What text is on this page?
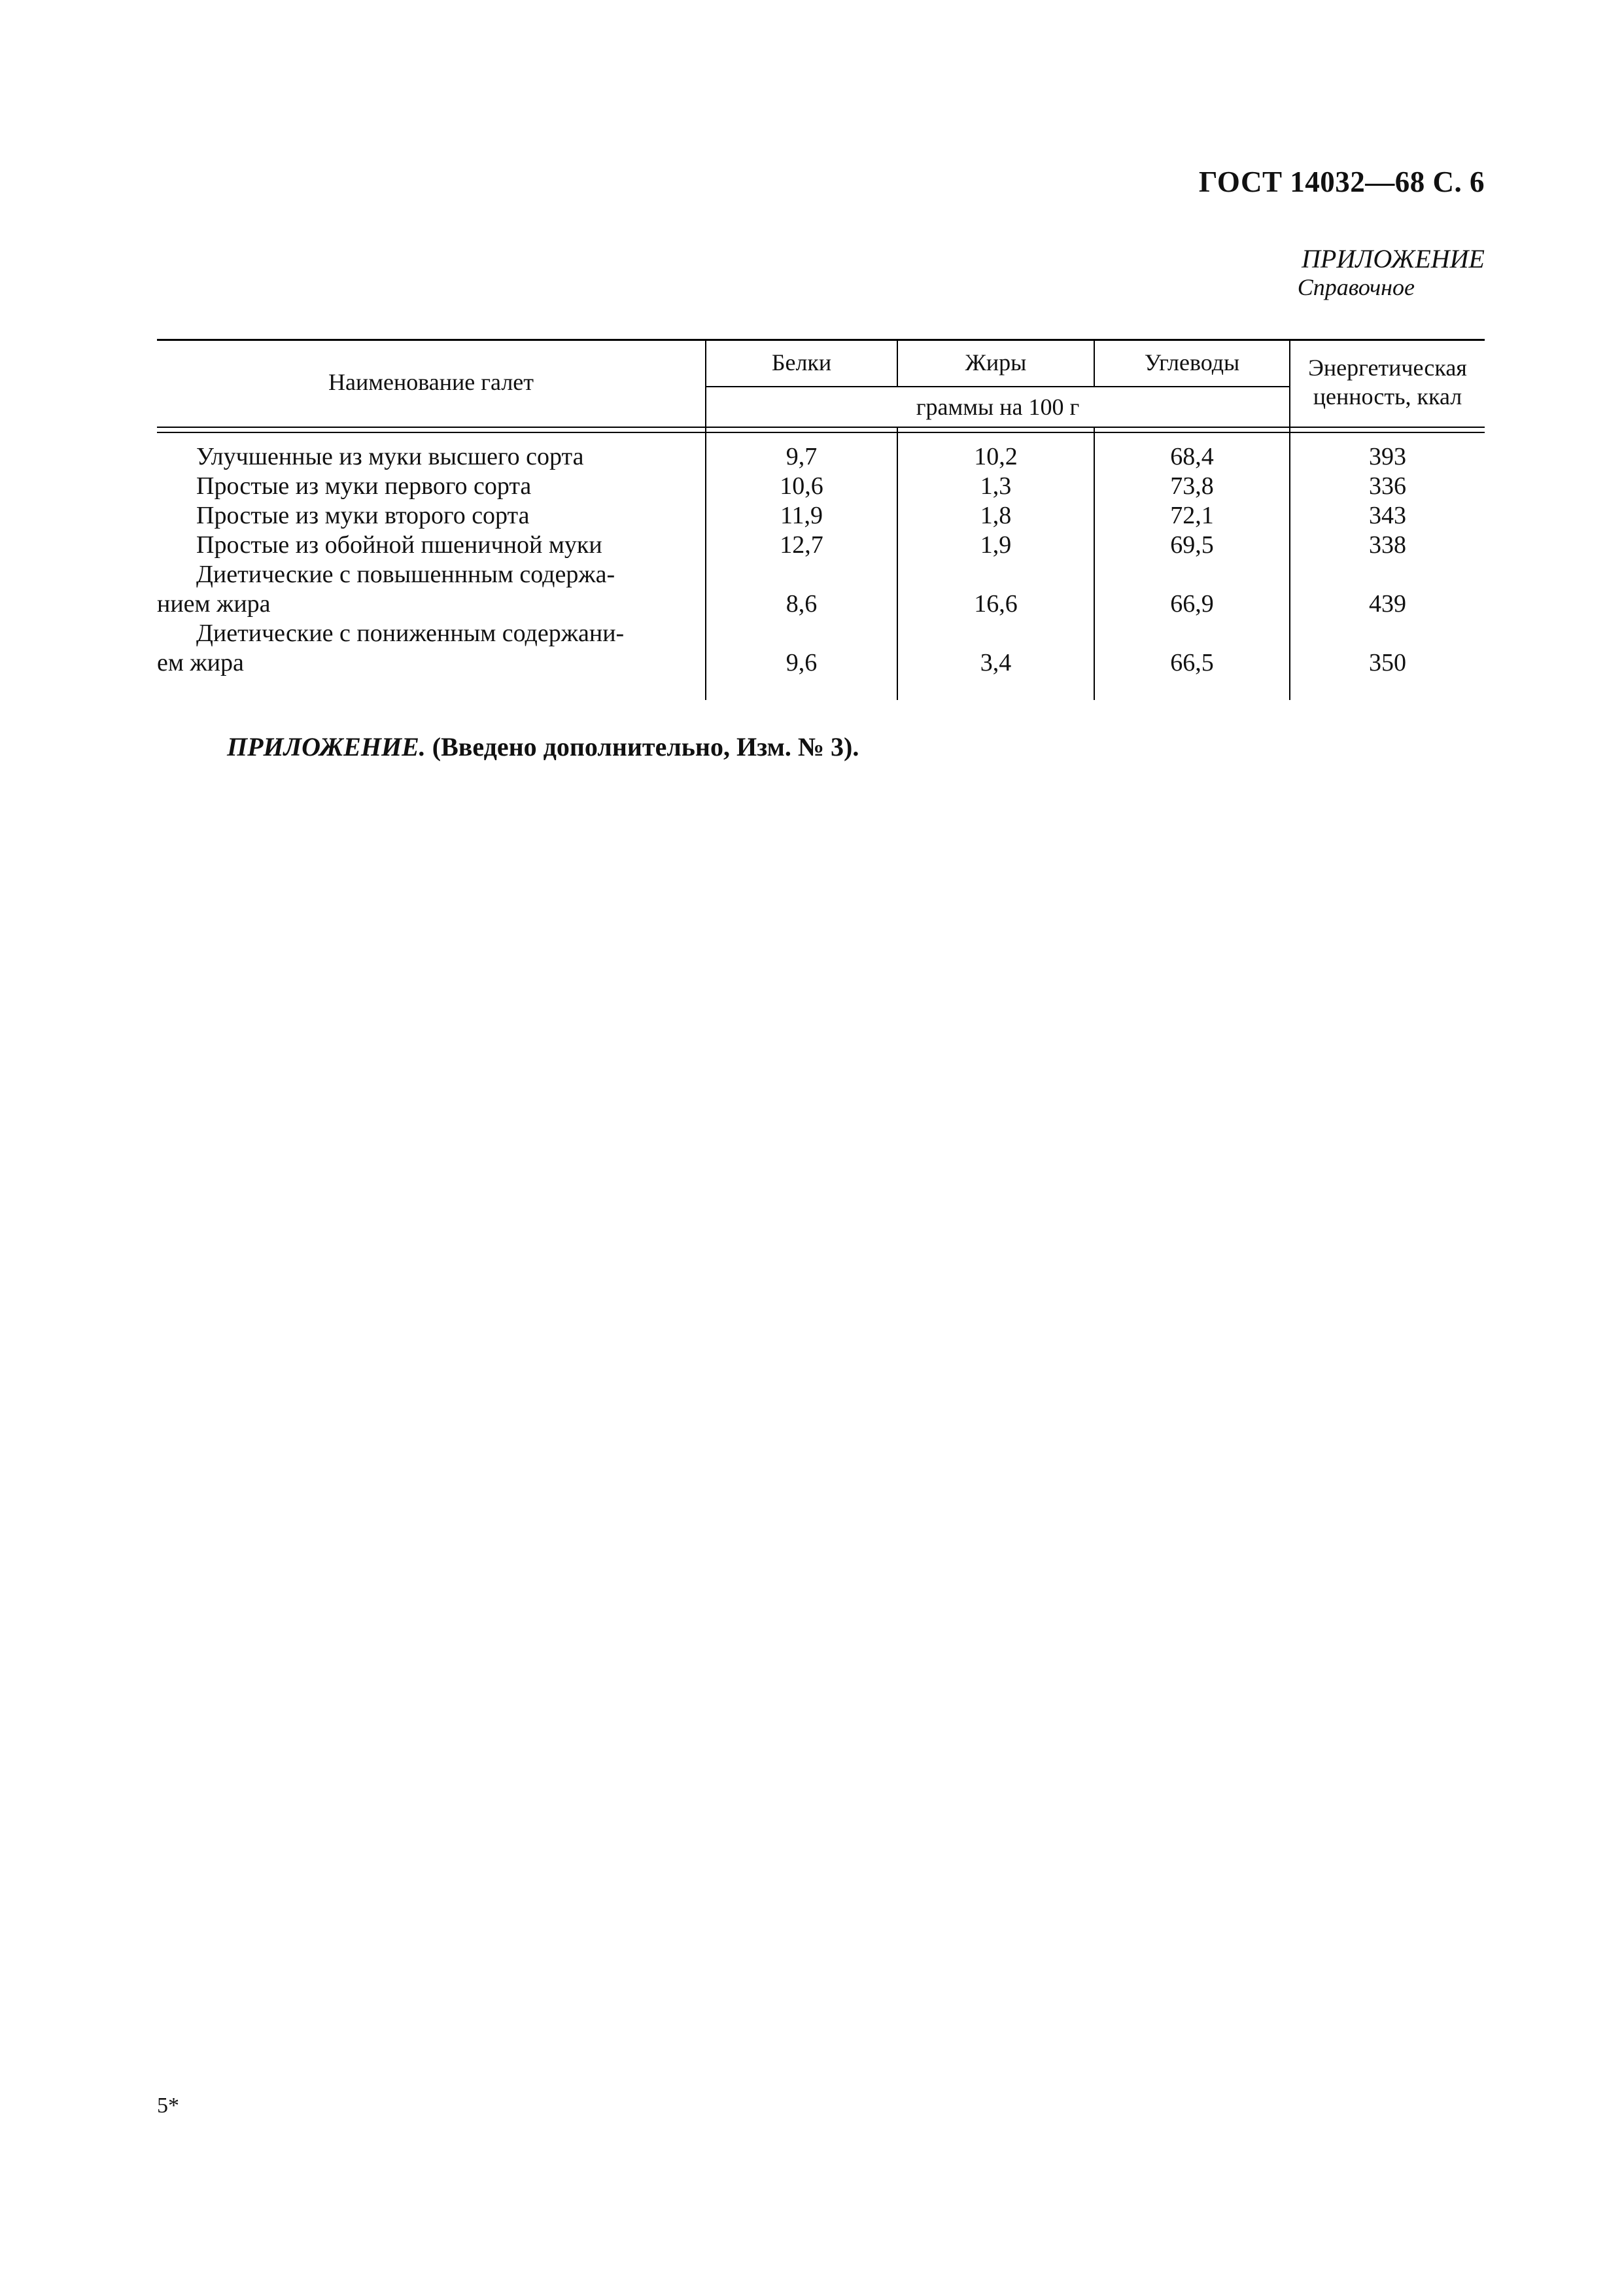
ГОСТ 14032—68 С. 6
ПРИЛОЖЕНИЕ
Справочное
Наименование галет
Белки	Жиры	Углеводы
граммы на 100 г
Энергетическая
ценность, ккал
Улучшенные из муки высшего сорта	9,7	10,2	68,4	393
Простые из муки первого сорта	10,6	1,3	73,8	336
Простые из муки второго сорта	11,9	1,8	72,1	343
Простые из обойной пшеничной муки	12,7	1,9	69,5	338
Диетические с повышеннным содержа-
нием жира	8,6	16,6	66,9	439
Диетические с пониженным содержани-
ем жира	9,6	3,4	66,5	350
ПРИЛОЖЕНИЕ. (Введено дополнительно, Изм. № 3).
5*
